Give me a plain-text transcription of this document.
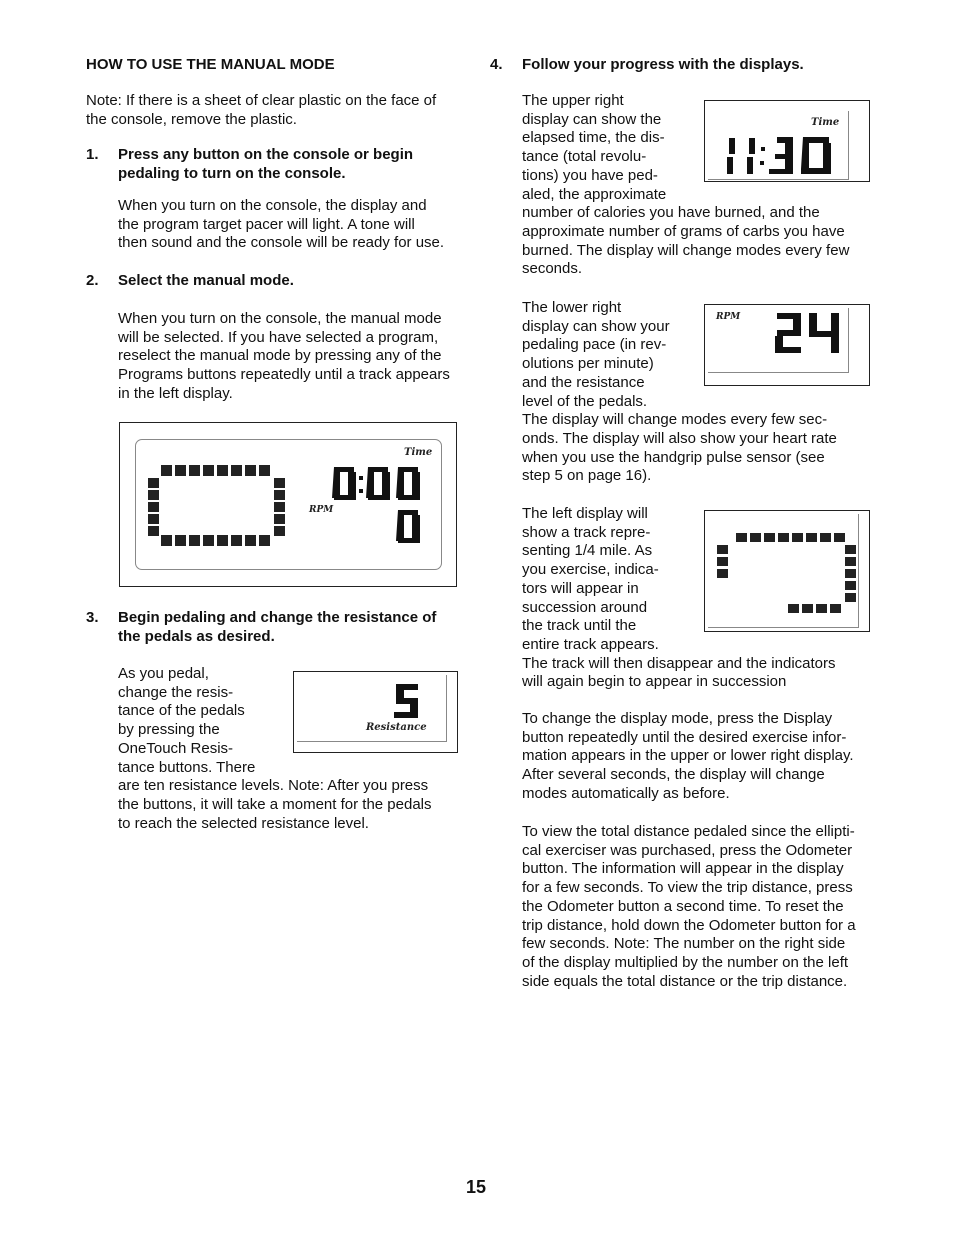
HOW TO USE THE MANUAL MODE
Note: If there is a sheet of clear plastic on the face of
the console, remove the plastic.
1. Press any button on the console or begin
pedaling to turn on the console.
When you turn on the console, the display and
the program target pacer will light. A tone will
then sound and the console will be ready for use.
2. Select the manual mode.
When you turn on the console, the manual mode
will be selected. If you have selected a program,
reselect the manual mode by pressing any of the
Programs buttons repeatedly until a track appears
in the left display.
Time
RPM
3. Begin pedaling and change the resistance of
the pedals as desired.
As you pedal,
change the resis-
tance of the pedals
by pressing the
OneTouch Resis-
tance buttons. There
are ten resistance levels. Note: After you press
the buttons, it will take a moment for the pedals
to reach the selected resistance level.
Resistance
4. Follow your progress with the displays.
The upper right
display can show the
elapsed time, the dis-
tance (total revolu-
tions) you have ped-
aled, the approximate
number of calories you have burned, and the
approximate number of grams of carbs you have
burned. The display will change modes every few
seconds.
Time
The lower right
display can show your
pedaling pace (in rev-
olutions per minute)
and the resistance
level of the pedals.
The display will change modes every few sec-
onds. The display will also show your heart rate
when you use the handgrip pulse sensor (see
step 5 on page 16).
RPM
The left display will
show a track repre-
senting 1/4 mile. As
you exercise, indica-
tors will appear in
succession around
the track until the
entire track appears.
The track will then disappear and the indicators
will again begin to appear in succession
To change the display mode, press the Display
button repeatedly until the desired exercise infor-
mation appears in the upper or lower right display.
After several seconds, the display will change
modes automatically as before.
To view the total distance pedaled since the ellipti-
cal exerciser was purchased, press the Odometer
button. The information will appear in the display
for a few seconds. To view the trip distance, press
the Odometer button a second time. To reset the
trip distance, hold down the Odometer button for a
few seconds. Note: The number on the right side
of the display multiplied by the number on the left
side equals the total distance or the trip distance.
15
